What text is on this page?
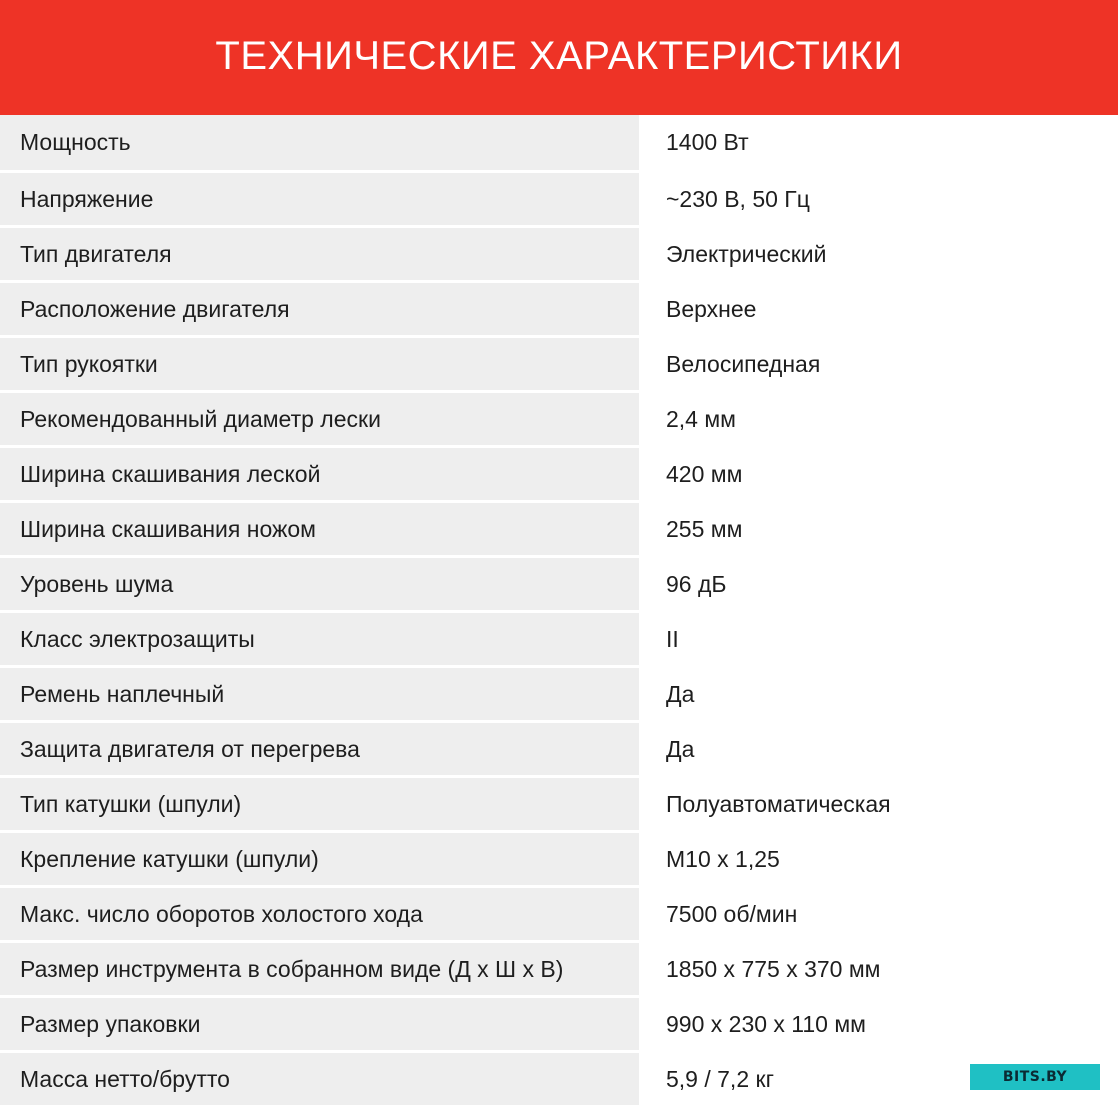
ТЕХНИЧЕСКИЕ ХАРАКТЕРИСТИКИ
Мощность	1400 Вт
Напряжение	~230 В, 50 Гц
Тип двигателя	Электрический
Расположение двигателя	Верхнее
Тип рукоятки	Велосипедная
Рекомендованный диаметр лески	2,4 мм
Ширина скашивания леской	420 мм
Ширина скашивания ножом	255 мм
Уровень шума	96 дБ
Класс электрозащиты	II
Ремень наплечный	Да
Защита двигателя от перегрева	Да
Тип катушки (шпули)	Полуавтоматическая
Крепление катушки (шпули)	М10 х 1,25
Макс. число оборотов холостого хода	7500 об/мин
Размер инструмента в собранном виде (Д х Ш х В)	1850 х 775 х 370 мм
Размер упаковки	990 х 230 х 110 мм
Масса нетто/брутто	5,9 / 7,2 кг	BITS.BY
